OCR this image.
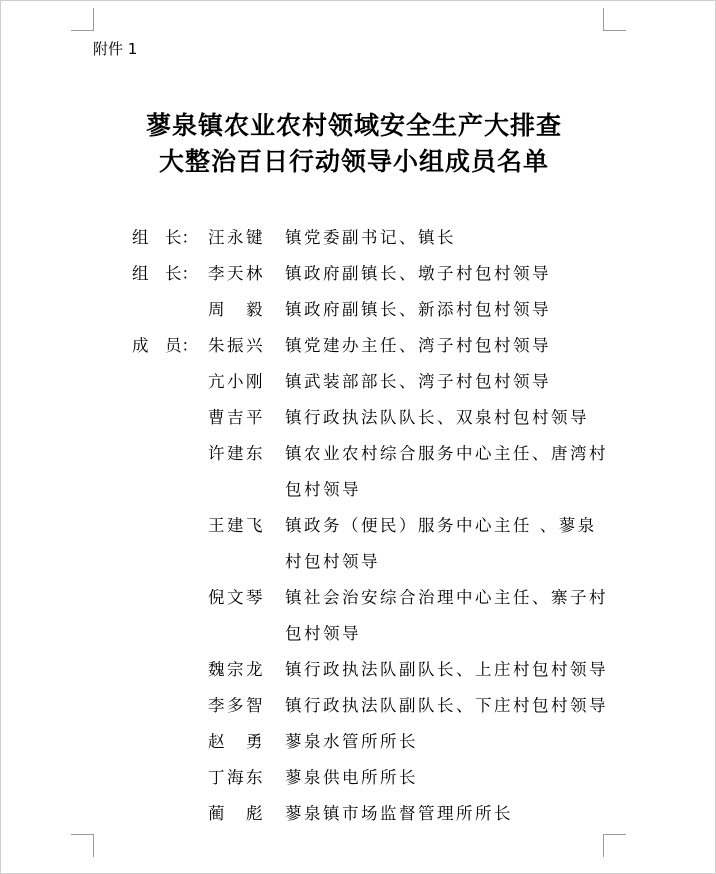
附件 1
蓼泉镇农业农村领域安全生产大排查
大整治百日行动领导小组成员名单
组　长： 汪永键 镇党委副书记、镇长
组　长： 李天林 镇政府副镇长、墩子村包村领导
周　毅 镇政府副镇长、新添村包村领导
成　员： 朱振兴 镇党建办主任、湾子村包村领导
亢小刚 镇武装部部长、湾子村包村领导
曹吉平 镇行政执法队队长、双泉村包村领导
许建东 镇农业农村综合服务中心主任、唐湾村
包村领导
王建飞 镇政务（便民）服务中心主任 、蓼泉
村包村领导
倪文琴 镇社会治安综合治理中心主任、寨子村
包村领导
魏宗龙 镇行政执法队副队长、上庄村包村领导
李多智 镇行政执法队副队长、下庄村包村领导
赵　勇 蓼泉水管所所长
丁海东 蓼泉供电所所长
蔺　彪 蓼泉镇市场监督管理所所长
